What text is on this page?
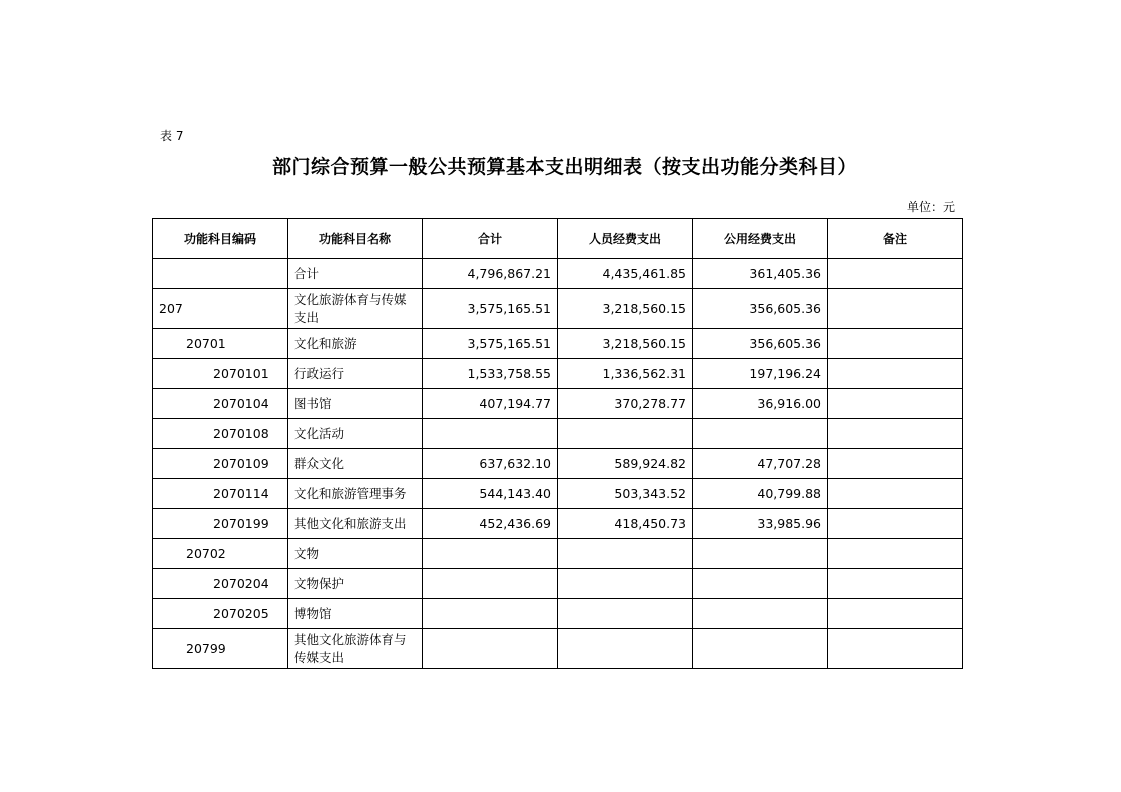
表 7
部门综合预算一般公共预算基本支出明细表（按支出功能分类科目）
单位：元
功能科目编码	功能科目名称	合计	人员经费支出	公用经费支出	备注
	合计	4,796,867.21	4,435,461.85	361,405.36	
207	文化旅游体育与传媒支出	3,575,165.51	3,218,560.15	356,605.36	
20701	文化和旅游	3,575,165.51	3,218,560.15	356,605.36	
2070101	行政运行	1,533,758.55	1,336,562.31	197,196.24	
2070104	图书馆	407,194.77	370,278.77	36,916.00	
2070108	文化活动				
2070109	群众文化	637,632.10	589,924.82	47,707.28	
2070114	文化和旅游管理事务	544,143.40	503,343.52	40,799.88	
2070199	其他文化和旅游支出	452,436.69	418,450.73	33,985.96	
20702	文物				
2070204	文物保护				
2070205	博物馆				
20799	其他文化旅游体育与传媒支出				
